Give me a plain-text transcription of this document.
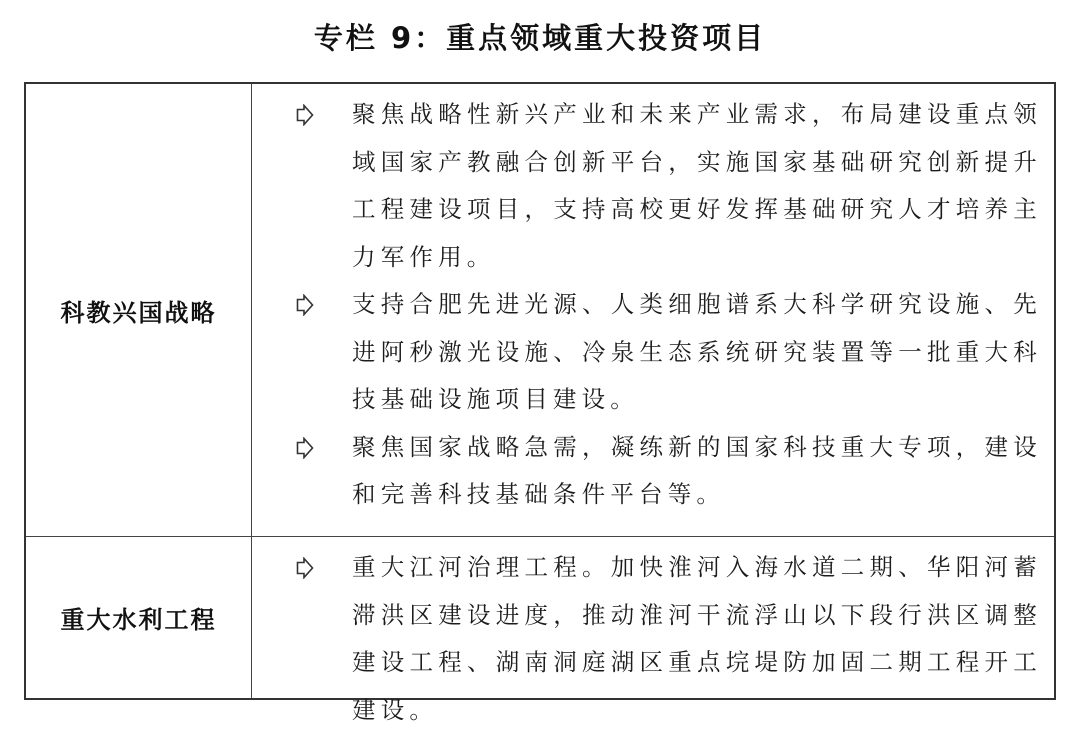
专栏 9：重点领域重大投资项目
科教兴国战略
聚焦战略性新兴产业和未来产业需求，布局建设重点领域国家产教融合创新平台，实施国家基础研究创新提升工程建设项目，支持高校更好发挥基础研究人才培养主力军作用。
支持合肥先进光源、人类细胞谱系大科学研究设施、先进阿秒激光设施、冷泉生态系统研究装置等一批重大科技基础设施项目建设。
聚焦国家战略急需，凝练新的国家科技重大专项，建设和完善科技基础条件平台等。
重大水利工程
重大江河治理工程。加快淮河入海水道二期、华阳河蓄滞洪区建设进度，推动淮河干流浮山以下段行洪区调整建设工程、湖南洞庭湖区重点垸堤防加固二期工程开工建设。
